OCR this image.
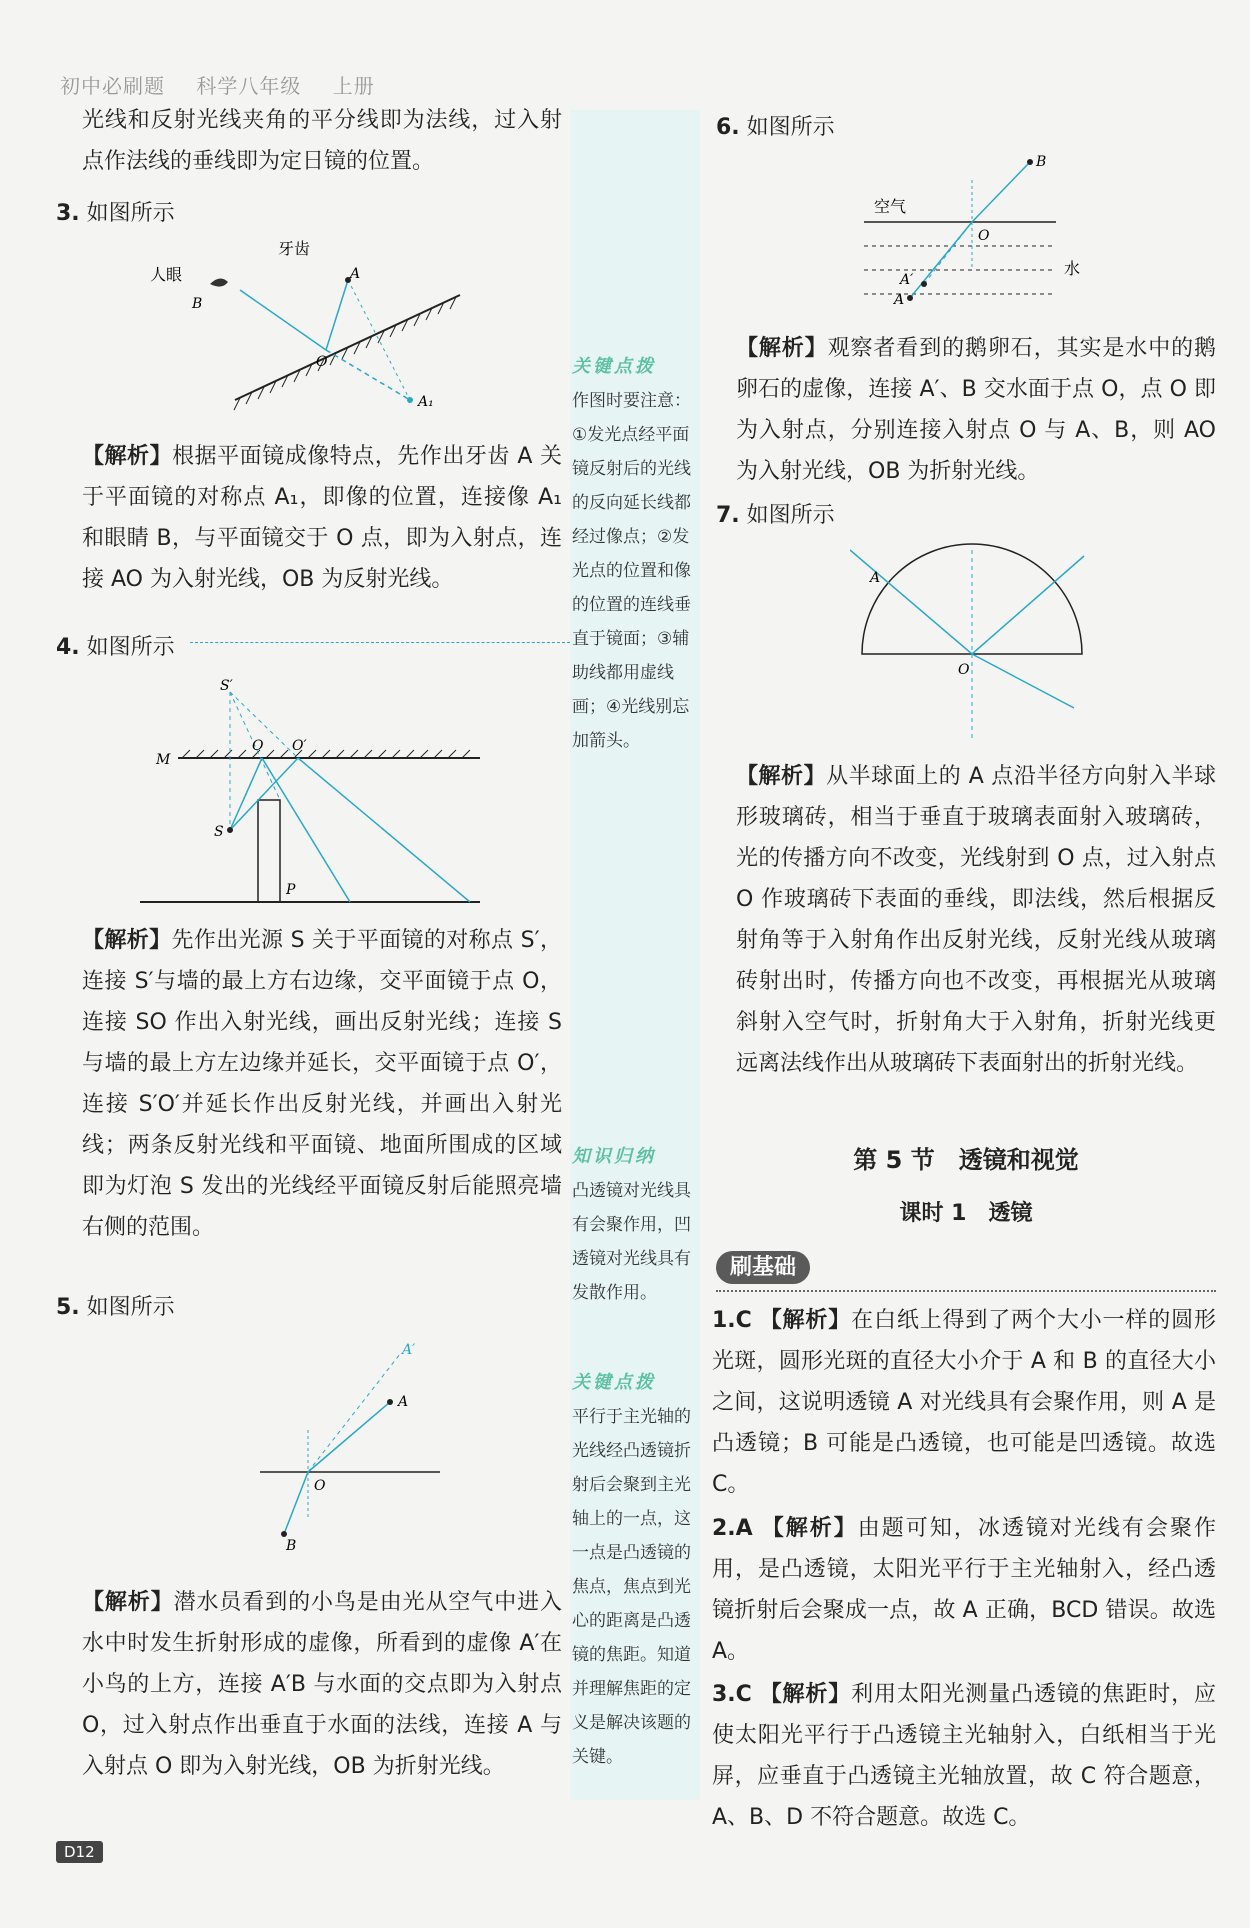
初中必刷题 科学八年级 上册
光线和反射光线夹角的平分线即为法线，过入射点作法线的垂线即为定日镜的位置。
3. 如图所示
人眼
牙齿
A
B
O
A₁
【解析】根据平面镜成像特点，先作出牙齿 A 关于平面镜的对称点 A₁，即像的位置，连接像 A₁ 和眼睛 B，与平面镜交于 O 点，即为入射点，连接 AO 为入射光线，OB 为反射光线。
4. 如图所示
S′
O O′
M
S
P
【解析】先作出光源 S 关于平面镜的对称点 S′，连接 S′与墙的最上方右边缘，交平面镜于点 O，连接 SO 作出入射光线，画出反射光线；连接 S 与墙的最上方左边缘并延长，交平面镜于点 O′，连接 S′O′并延长作出反射光线，并画出入射光线；两条反射光线和平面镜、地面所围成的区域即为灯泡 S 发出的光线经平面镜反射后能照亮墙右侧的范围。
5. 如图所示
A′
A
O
B
【解析】潜水员看到的小鸟是由光从空气中进入水中时发生折射形成的虚像，所看到的虚像 A′在小鸟的上方，连接 A′B 与水面的交点即为入射点 O，过入射点作出垂直于水面的法线，连接 A 与入射点 O 即为入射光线，OB 为折射光线。
关键点拨
作图时要注意：①发光点经平面镜反射后的光线的反向延长线都经过像点；②发光点的位置和像的位置的连线垂直于镜面；③辅助线都用虚线画；④光线别忘加箭头。
知识归纳
凸透镜对光线具有会聚作用，凹透镜对光线具有发散作用。
关键点拨
平行于主光轴的光线经凸透镜折射后会聚到主光轴上的一点，这一点是凸透镜的焦点，焦点到光心的距离是凸透镜的焦距。知道并理解焦距的定义是解决该题的关键。
6. 如图所示
空气
水
B
O
A′
A
【解析】观察者看到的鹅卵石，其实是水中的鹅卵石的虚像，连接 A′、B 交水面于点 O，点 O 即为入射点，分别连接入射点 O 与 A、B，则 AO 为入射光线，OB 为折射光线。
7. 如图所示
A
O
【解析】从半球面上的 A 点沿半径方向射入半球形玻璃砖，相当于垂直于玻璃表面射入玻璃砖，光的传播方向不改变，光线射到 O 点，过入射点 O 作玻璃砖下表面的垂线，即法线，然后根据反射角等于入射角作出反射光线，反射光线从玻璃砖射出时，传播方向也不改变，再根据光从玻璃斜射入空气时，折射角大于入射角，折射光线更远离法线作出从玻璃砖下表面射出的折射光线。
第 5 节　透镜和视觉
课时 1　透镜
刷基础
1.C 【解析】在白纸上得到了两个大小一样的圆形光斑，圆形光斑的直径大小介于 A 和 B 的直径大小之间，这说明透镜 A 对光线具有会聚作用，则 A 是凸透镜；B 可能是凸透镜，也可能是凹透镜。故选 C。
2.A 【解析】由题可知，冰透镜对光线有会聚作用，是凸透镜，太阳光平行于主光轴射入，经凸透镜折射后会聚成一点，故 A 正确，BCD 错误。故选 A。
3.C 【解析】利用太阳光测量凸透镜的焦距时，应使太阳光平行于凸透镜主光轴射入，白纸相当于光屏，应垂直于凸透镜主光轴放置，故 C 符合题意，A、B、D 不符合题意。故选 C。
D12
